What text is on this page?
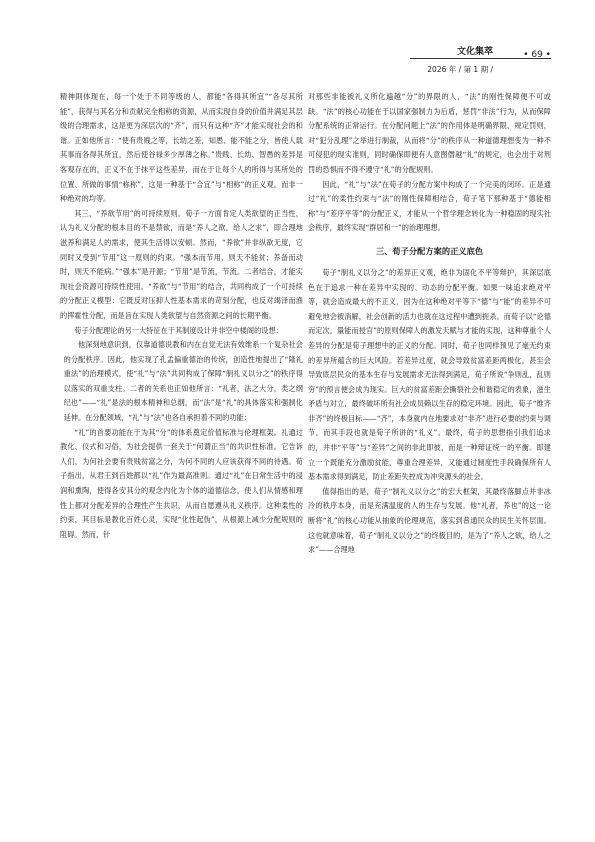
文化集萃
2026 年 / 第 1 期 /
• 69 •

精神則体现在，每一个处于不同等级的人，都能“各得其所宜”“各尽其所能”，获得与其名分和贡献完全相称的资源，从而实现自身的价值并满足其层级的合理需求，这是更为深层次的“齐”，而只有这种“齐”才能实现社会的和谐。正如他所言：“使有贵贱之等，长幼之差，知愚、能不能之分，皆使人载其事而各得其所宜，然后使谷禄多少厚薄之称。”贵贱、长幼、智愚的差异是客观存在的，正义不在于抹平这些差异，而在于让每个人的所得与其所处的位置、所做的事情“称称”，这是一种基于“合宜”与“相称”的正义观，而非一种绝对的均等。

其三，“养欲节用”的可持续原则。荀子一方面肯定人类欲望的正当性，认为礼义分配的根本目的不是禁欲，而是“养人之欲，给人之求”，即合理地滋养和满足人的需求，使其生活得以安顿。然而，“养欲”并非纵欲无度，它同时又受到“节用”这一原则的约束。“强本而节用，则天不能贫；养备而动时，则天不能病。”“强本”是开源；“节用”是节流，节流。二者结合，才能实现社会资源可持续性使用。“养欲”与“节用”的结合，共同构成了一个可持续的分配正义模型：它既反对压抑人性基本需求的苛刻分配，也反对竭泽而渔的挥霍性分配，而是旨在实现人类欲望与自然资源之间的长期平衡。

荀子分配理论的另一大特征在于其制度设计并非空中楼阁的设想：

他深刻地意识到，仅靠道德说教和内在自觉无法有效维系一个复杂社会的分配秩序。因此，他实现了孔孟偏重德治的传统，创造性地提出了“隆礼重法”的治理模式，使“礼”与“法”共同构成了保障“制礼义以分之”的秩序得以落实的双重支柱。二者的关系也正如他所言：“礼者，法之大分，类之纲纪也”——“礼”是法的根本精神和总纲，而“法”是“礼”的具体落实和强制化延伸。在分配领域，“礼”与“法”也各自承担着不同的功能：

“礼”的首要功能在于为其“分”的体系奠定价值标准与伦理框架。礼通过教化、仪式和习俗，为社会提供一套关于“何谓正当”的共识性标准。它告诉人们，为何社会要有贵贱贫富之分，为何不同的人应该获得不同的待遇。荀子指出，从君王到百姓都以“礼”作为最高准则。通过“礼”在日常生活中的浸润和熏陶，使得各安其分的观念内化为个体的道德信念，使人们从情感和理性上都对分配差异的合理性产生共识，从而自愿遵从礼义秩序。这种柔性的约束，其目标是教化百姓心灵，实现“化性起伪”，从根源上减少分配规则的阻碍。然而，针

对那些非能被礼义所化遍越“分”的界限的人，“法”的刚性保障便不可或缺。“法”的核心功能在于以国家强制力为后盾，惩罚“非法”行为，从而保障分配系统的正常运行。在分配问题上“法”的作用体是明确界限、规定罚则，对“犯分乱理”之举进行制裁，从而将“分”的秩序从一种道德理想变为一种不可侵犯的现实准则，同时确保即便有人意图僭越“礼”的规定，也会出于对刑罚的恐惧而不得不遵守“礼”的分配规则。

因此，“礼”与“法”在荀子的分配方案中构成了一个完美的闭环。正是通过“礼”的柔性约束与“法”的刚性保障相结合，荀子笔下那种基于“德能相称”与“差序平等”的分配正义，才能从一个哲学理念转化为一种稳固的现实社会秩序，最终实现“群居和一”的治理理想。

三、荀子分配方案的正义底色

荀子“制礼义以分之”的差异正义观，绝非为固化不平等辩护，其深层底色在于追求一种在差异中实现的、动态的分配平衡。如果一味追求绝对平等，就会造成最大的不正义，因为在这种绝对平等下“德”与“能”的差异不可避免地会被消解，社会创新的活力也就在这过程中遭到扼杀。而荀子以“论德而定次，量能而授官”的原则保障人的激发天赋与才能的实现，这种尊重个人差异的分配是荀子理想中的正义的分配。同时，荀子也同样预见了毫无约束的差异所蕴含的巨大风险。若差异过度，就会导致贫富差距两极化，甚至会导致底层民众的基本生存与发展需求无法得到满足，荀子所说“争则乱，乱则穷”的预言便会成为现实。巨大的贫富差距会撕裂社会和谐稳定的表象，滋生矛盾与对立，最终破坏所有社会成员赖以生存的稳定环境。因此，荀子“维齐非齐”的终极目标——“齐”，本身就内在地要求对“非齐”进行必要的约束与调节，而其手段也就是荀子所讲的“礼义”。最终，荀子的思想指引我们追求的，并非“平等”与“差异”之间的非此即彼，而是一种辩证统一的平衡。即建立一个既能充分激励贫能，尊重合理差异，又能通过制度性手段确保所有人基本需求得到满足，防止差距失控成为冲突源头的社会。

值得指出的是，荀子“制礼义以分之”的宏大框架，其最终落脚点并非冰冷的秩序本身，而是充满温度的人的生存与发展。他“礼者，养也”的这一论断将“礼”的核心功能从抽象的伦理规范，落实到普通民众的民生关怀层面。这也就意味着，荀子“制礼义以分之”的终极目的，是为了“养人之欲，给人之求”——合理地
